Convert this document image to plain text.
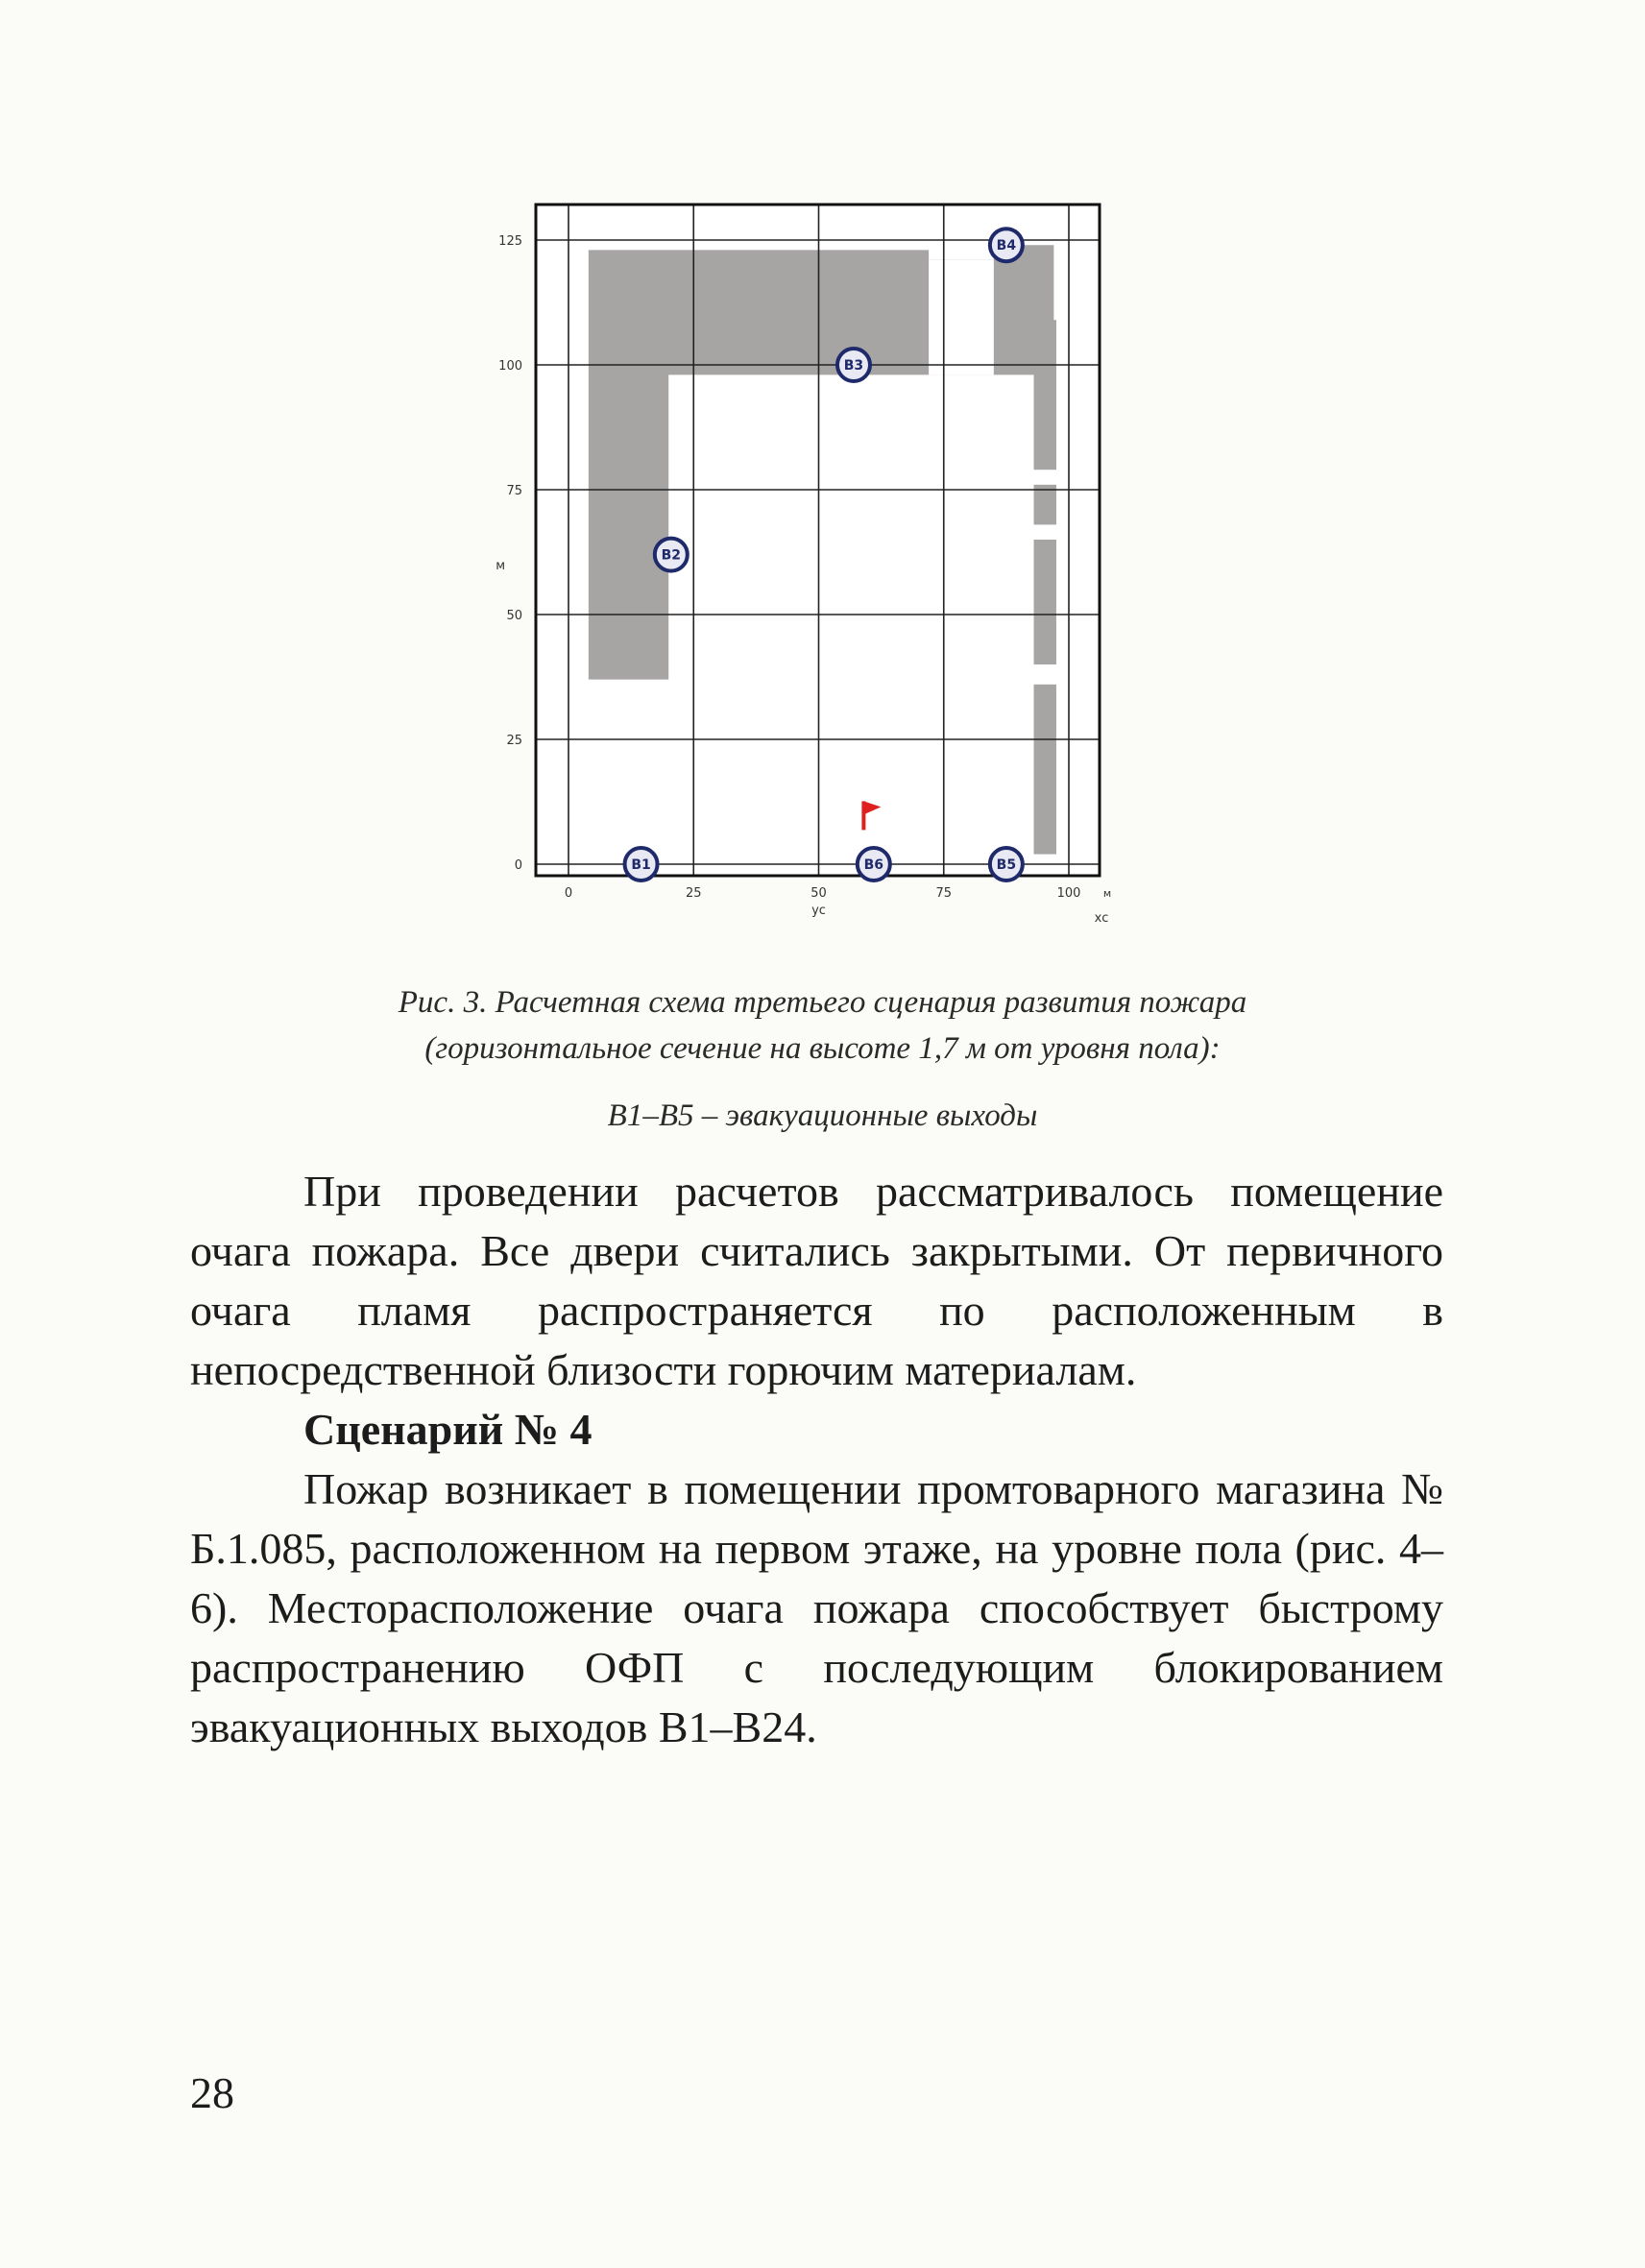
125
100
75
50
25
0
0	25	50	75	100
м
ус
хс
м
В1
В2
В3
В4
В5
В6
Рис. 3. Расчетная схема третьего сценария развития пожара
(горизонтальное сечение на высоте 1,7 м от уровня пола):
В1–В5 – эвакуационные выходы

При проведении расчетов рассматривалось помещение очага пожара. Все двери считались закрытыми. От первичного очага пламя распространяется по расположенным в непосредственной близости горючим материалам.

Сценарий № 4

Пожар возникает в помещении промтоварного магазина № Б.1.085, расположенном на первом этаже, на уровне пола (рис. 4–6). Месторасположение очага пожара способствует быстрому распространению ОФП с последующим блокированием эвакуационных выходов В1–В24.

28
